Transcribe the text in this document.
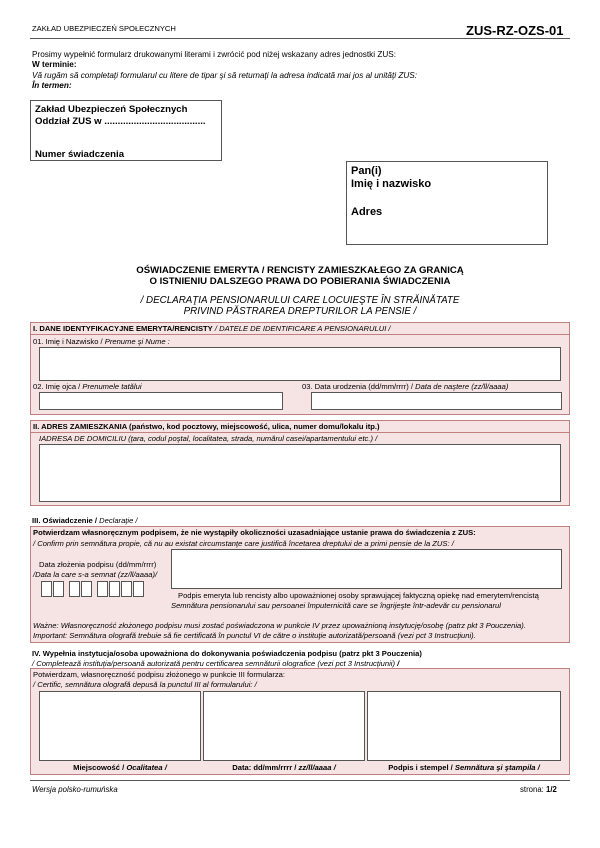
ZAKŁAD UBEZPIECZEŃ SPOŁECZNYCH	ZUS-RZ-OZS-01
Prosimy wypełnić formularz drukowanymi literami i zwrócić pod niżej wskazany adres jednostki ZUS:
W terminie:
Vă rugăm să completaţi formularul cu litere de tipar şi să returnaţi la adresa indicată mai jos al unităţi ZUS:
În termen:
Zakład Ubezpieczeń Społecznych
Oddział ZUS w ......................................
Numer świadczenia
Pan(i)
Imię i nazwisko
Adres
OŚWIADCZENIE EMERYTA / RENCISTY ZAMIESZKAŁEGO ZA GRANICĄ
O ISTNIENIU DALSZEGO PRAWA DO POBIERANIA ŚWIADCZENIA
/ DECLARAŢIA PENSIONARULUI CARE LOCUIEŞTE ÎN STRĂINĂTATE
PRIVIND PĂSTRAREA DREPTURILOR LA PENSIE /
I. DANE IDENTYFIKACYJNE EMERYTA/RENCISTY / DATELE DE IDENTIFICARE A PENSIONARULUI /
01. Imię i Nazwisko / Prenume şi Nume :
02. Imię ojca / Prenumele tatălui	03. Data urodzenia (dd/mm/rrrr) / Data de naştere (zz/ll/aaaa)
II. ADRES ZAMIESZKANIA (państwo, kod pocztowy, miejscowość, ulica, numer domu/lokalu itp.)
IADRESA DE DOMICILIU (ţara, codul poştal, localitatea, strada, numărul casei/apartamentului etc.) /
III. Oświadczenie / Declaraţie /
Potwierdzam własnoręcznym podpisem, że nie wystąpiły okoliczności uzasadniające ustanie prawa do świadczenia z ZUS:
/ Confirm prin semnătura propie, că nu au existat circumstanţe care justifică încetarea dreptului de a primi pensie de la ZUS: /
Data złożenia podpisu (dd/mm/rrrr)
/Data la care s-a semnat (zz/ll/aaaa)/
Podpis emeryta lub rencisty albo upoważnionej osoby sprawującej faktyczną opiekę nad emerytem/rencistą
Semnătura pensionarului sau persoanei împuternicită care se îngrijeşte într-adevăr cu pensionarul
Ważne: Własnoręczność złożonego podpisu musi zostać poświadczona w punkcie IV przez upoważnioną instytucję/osobę (patrz pkt 3 Pouczenia).
Important: Semnătura olografă trebuie să fie certificată în punctul VI de către o instituţie autorizată/persoană (vezi pct 3 Instrucţiuni).
IV. Wypełnia instytucja/osoba upoważniona do dokonywania poświadczenia podpisu (patrz pkt 3 Pouczenia)
/ Completează instituţia/persoană autorizată pentru certificarea semnăturii olografice (vezi pct 3 Instrucţiunii) /
Potwierdzam, własnoręczność podpisu złożonego w punkcie III formularza:
/ Certific, semnătura olografă depusă la punctul III al formularului: /
Miejscowość / Ocalitatea /	Data: dd/mm/rrrr / zz/ll/aaaa /	Podpis i stempel / Semnătura şi ştampila /
Wersja polsko-rumuńska	strona: 1/2
